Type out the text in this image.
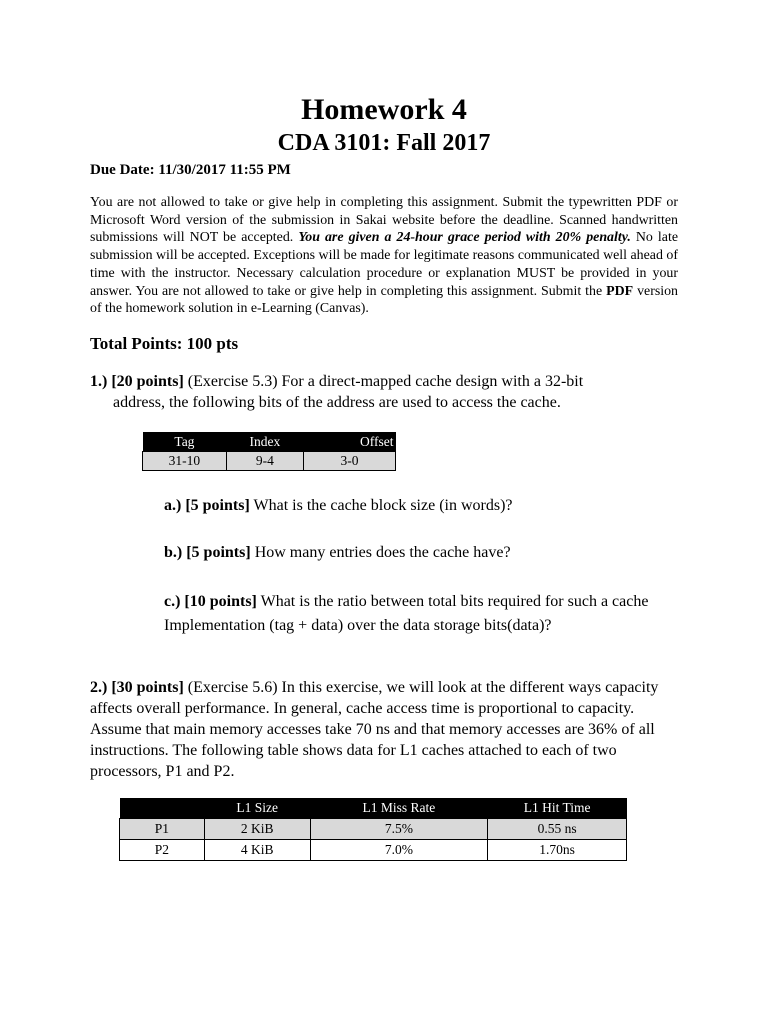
Homework 4
CDA 3101: Fall 2017

Due Date: 11/30/2017 11:55 PM

You are not allowed to take or give help in completing this assignment. Submit the typewritten PDF or Microsoft Word version of the submission in Sakai website before the deadline. Scanned handwritten submissions will NOT be accepted. You are given a 24-hour grace period with 20% penalty. No late submission will be accepted. Exceptions will be made for legitimate reasons communicated well ahead of time with the instructor. Necessary calculation procedure or explanation MUST be provided in your answer. You are not allowed to take or give help in completing this assignment. Submit the PDF version of the homework solution in e-Learning (Canvas).

Total Points: 100 pts

1.) [20 points] (Exercise 5.3) For a direct-mapped cache design with a 32-bit
address, the following bits of the address are used to access the cache.

Tag	Index	Offset
31-10	9-4	3-0

a.) [5 points] What is the cache block size (in words)?

b.) [5 points] How many entries does the cache have?

c.) [10 points] What is the ratio between total bits required for such a cache Implementation (tag + data) over the data storage bits(data)?

2.) [30 points] (Exercise 5.6) In this exercise, we will look at the different ways capacity affects overall performance. In general, cache access time is proportional to capacity. Assume that main memory accesses take 70 ns and that memory accesses are 36% of all instructions. The following table shows data for L1 caches attached to each of two processors, P1 and P2.

	L1 Size	L1 Miss Rate	L1 Hit Time
P1	2 KiB	7.5%	0.55 ns
P2	4 KiB	7.0%	1.70ns
